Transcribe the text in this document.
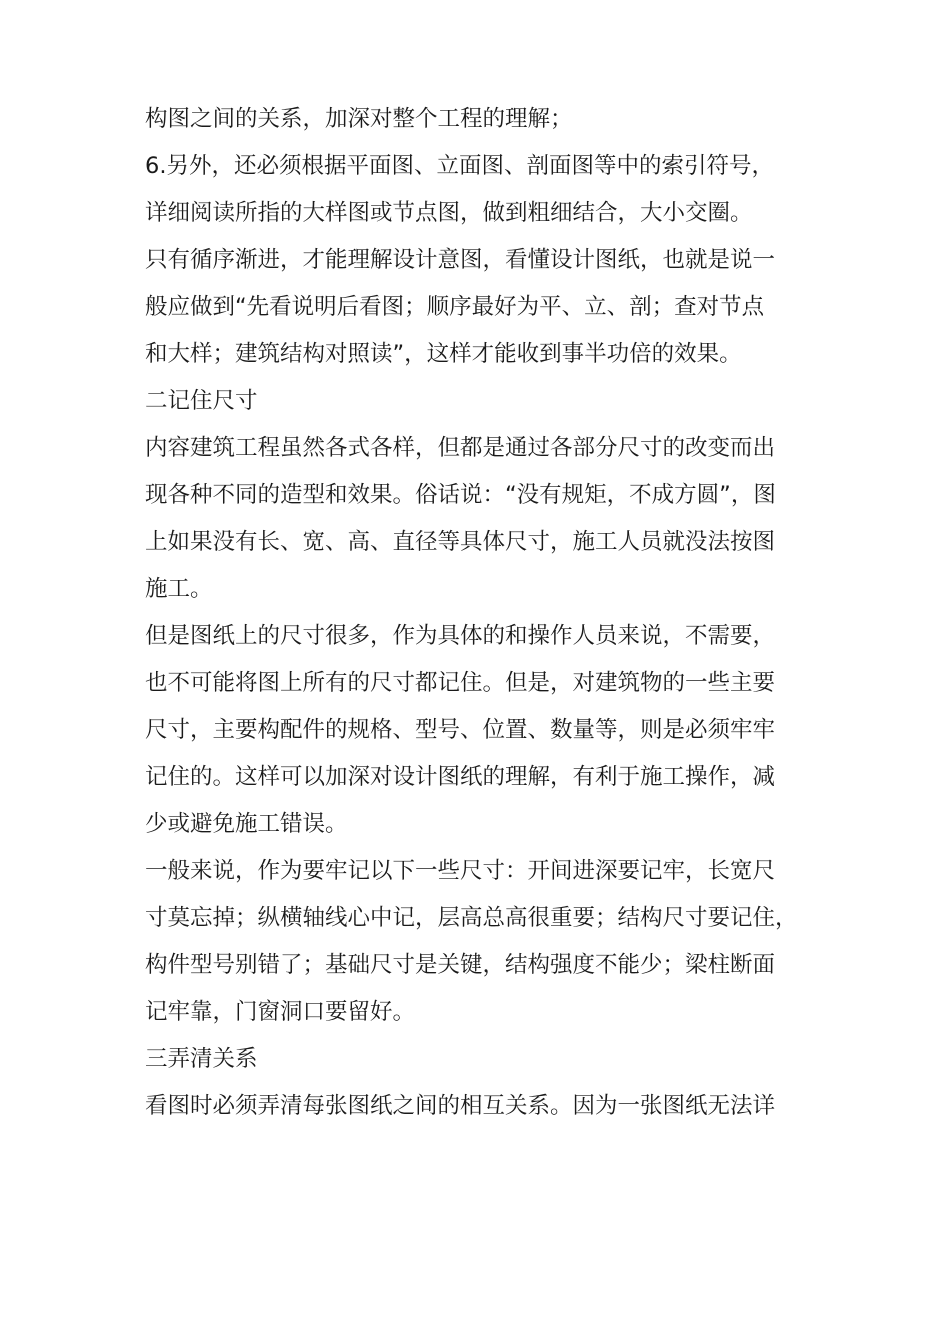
构图之间的关系，加深对整个工程的理解；
6.另外，还必须根据平面图、立面图、剖面图等中的索引符号，
详细阅读所指的大样图或节点图，做到粗细结合，大小交圈。
只有循序渐进，才能理解设计意图，看懂设计图纸，也就是说一
般应做到“先看说明后看图；顺序最好为平、立、剖；查对节点
和大样；建筑结构对照读”，这样才能收到事半功倍的效果。
二记住尺寸
内容建筑工程虽然各式各样，但都是通过各部分尺寸的改变而出
现各种不同的造型和效果。俗话说：“没有规矩，不成方圆”，图
上如果没有长、宽、高、直径等具体尺寸，施工人员就没法按图
施工。
但是图纸上的尺寸很多，作为具体的和操作人员来说，不需要，
也不可能将图上所有的尺寸都记住。但是，对建筑物的一些主要
尺寸，主要构配件的规格、型号、位置、数量等，则是必须牢牢
记住的。这样可以加深对设计图纸的理解，有利于施工操作，减
少或避免施工错误。
一般来说，作为要牢记以下一些尺寸：开间进深要记牢，长宽尺
寸莫忘掉；纵横轴线心中记，层高总高很重要；结构尺寸要记住，
构件型号别错了；基础尺寸是关键，结构强度不能少；梁柱断面
记牢靠，门窗洞口要留好。
三弄清关系
看图时必须弄清每张图纸之间的相互关系。因为一张图纸无法详
